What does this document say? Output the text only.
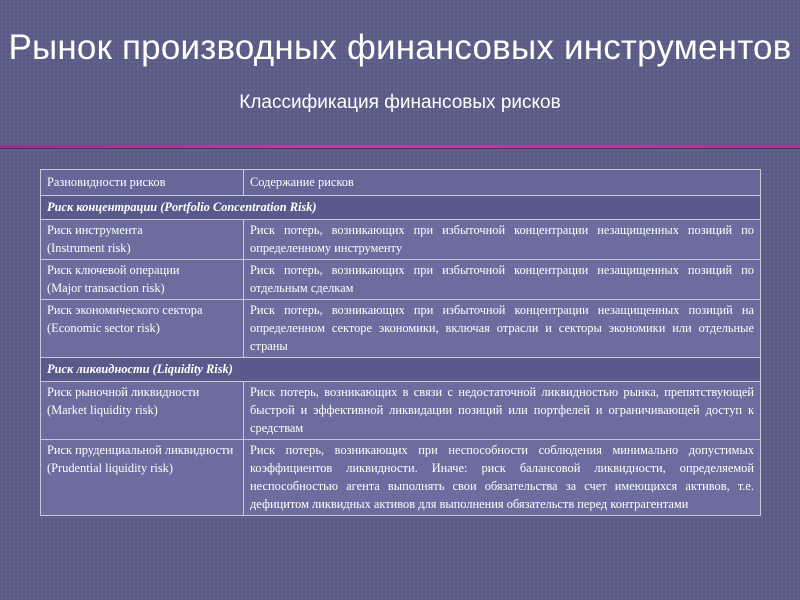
Рынок производных финансовых инструментов
Классификация финансовых рисков
Разновидности рисков	Содержание рисков
Риск концентрации (Portfolio Concentration Risk)	

Риск инструмента
(Instrument risk)	Риск потерь, возникающих при избыточной концентрации незащищенных позиций по определенному инструменту

Риск ключевой операции
(Major transaction risk)	Риск потерь, возникающих при избыточной концентрации незащищенных позиций по отдельным сделкам

Риск экономического сектора
(Economic sector risk)	Риск потерь, возникающих при избыточной концентрации незащищенных позиций на определенном секторе экономики, включая отрасли и секторы экономики или отдельные страны
Риск ликвидности (Liquidity Risk)	

Риск рыночной ликвидности
(Market liquidity risk)	Риск потерь, возникающих в связи с недостаточной ликвидностью рынка, препятствующей быстрой и эффективной ликвидации позиций или портфелей и ограничивающей доступ к средствам

Риск пруденциальной ликвидности
(Prudential liquidity risk)	Риск потерь, возникающих при неспособности соблюдения минимально допустимых коэффициентов ликвидности. Иначе: риск балансовой ликвидности, определяемой неспособностью агента выполнять свои обязательства за счет имеющихся активов, т.е. дефицитом ликвидных активов для выполнения обязательств перед контрагентами
